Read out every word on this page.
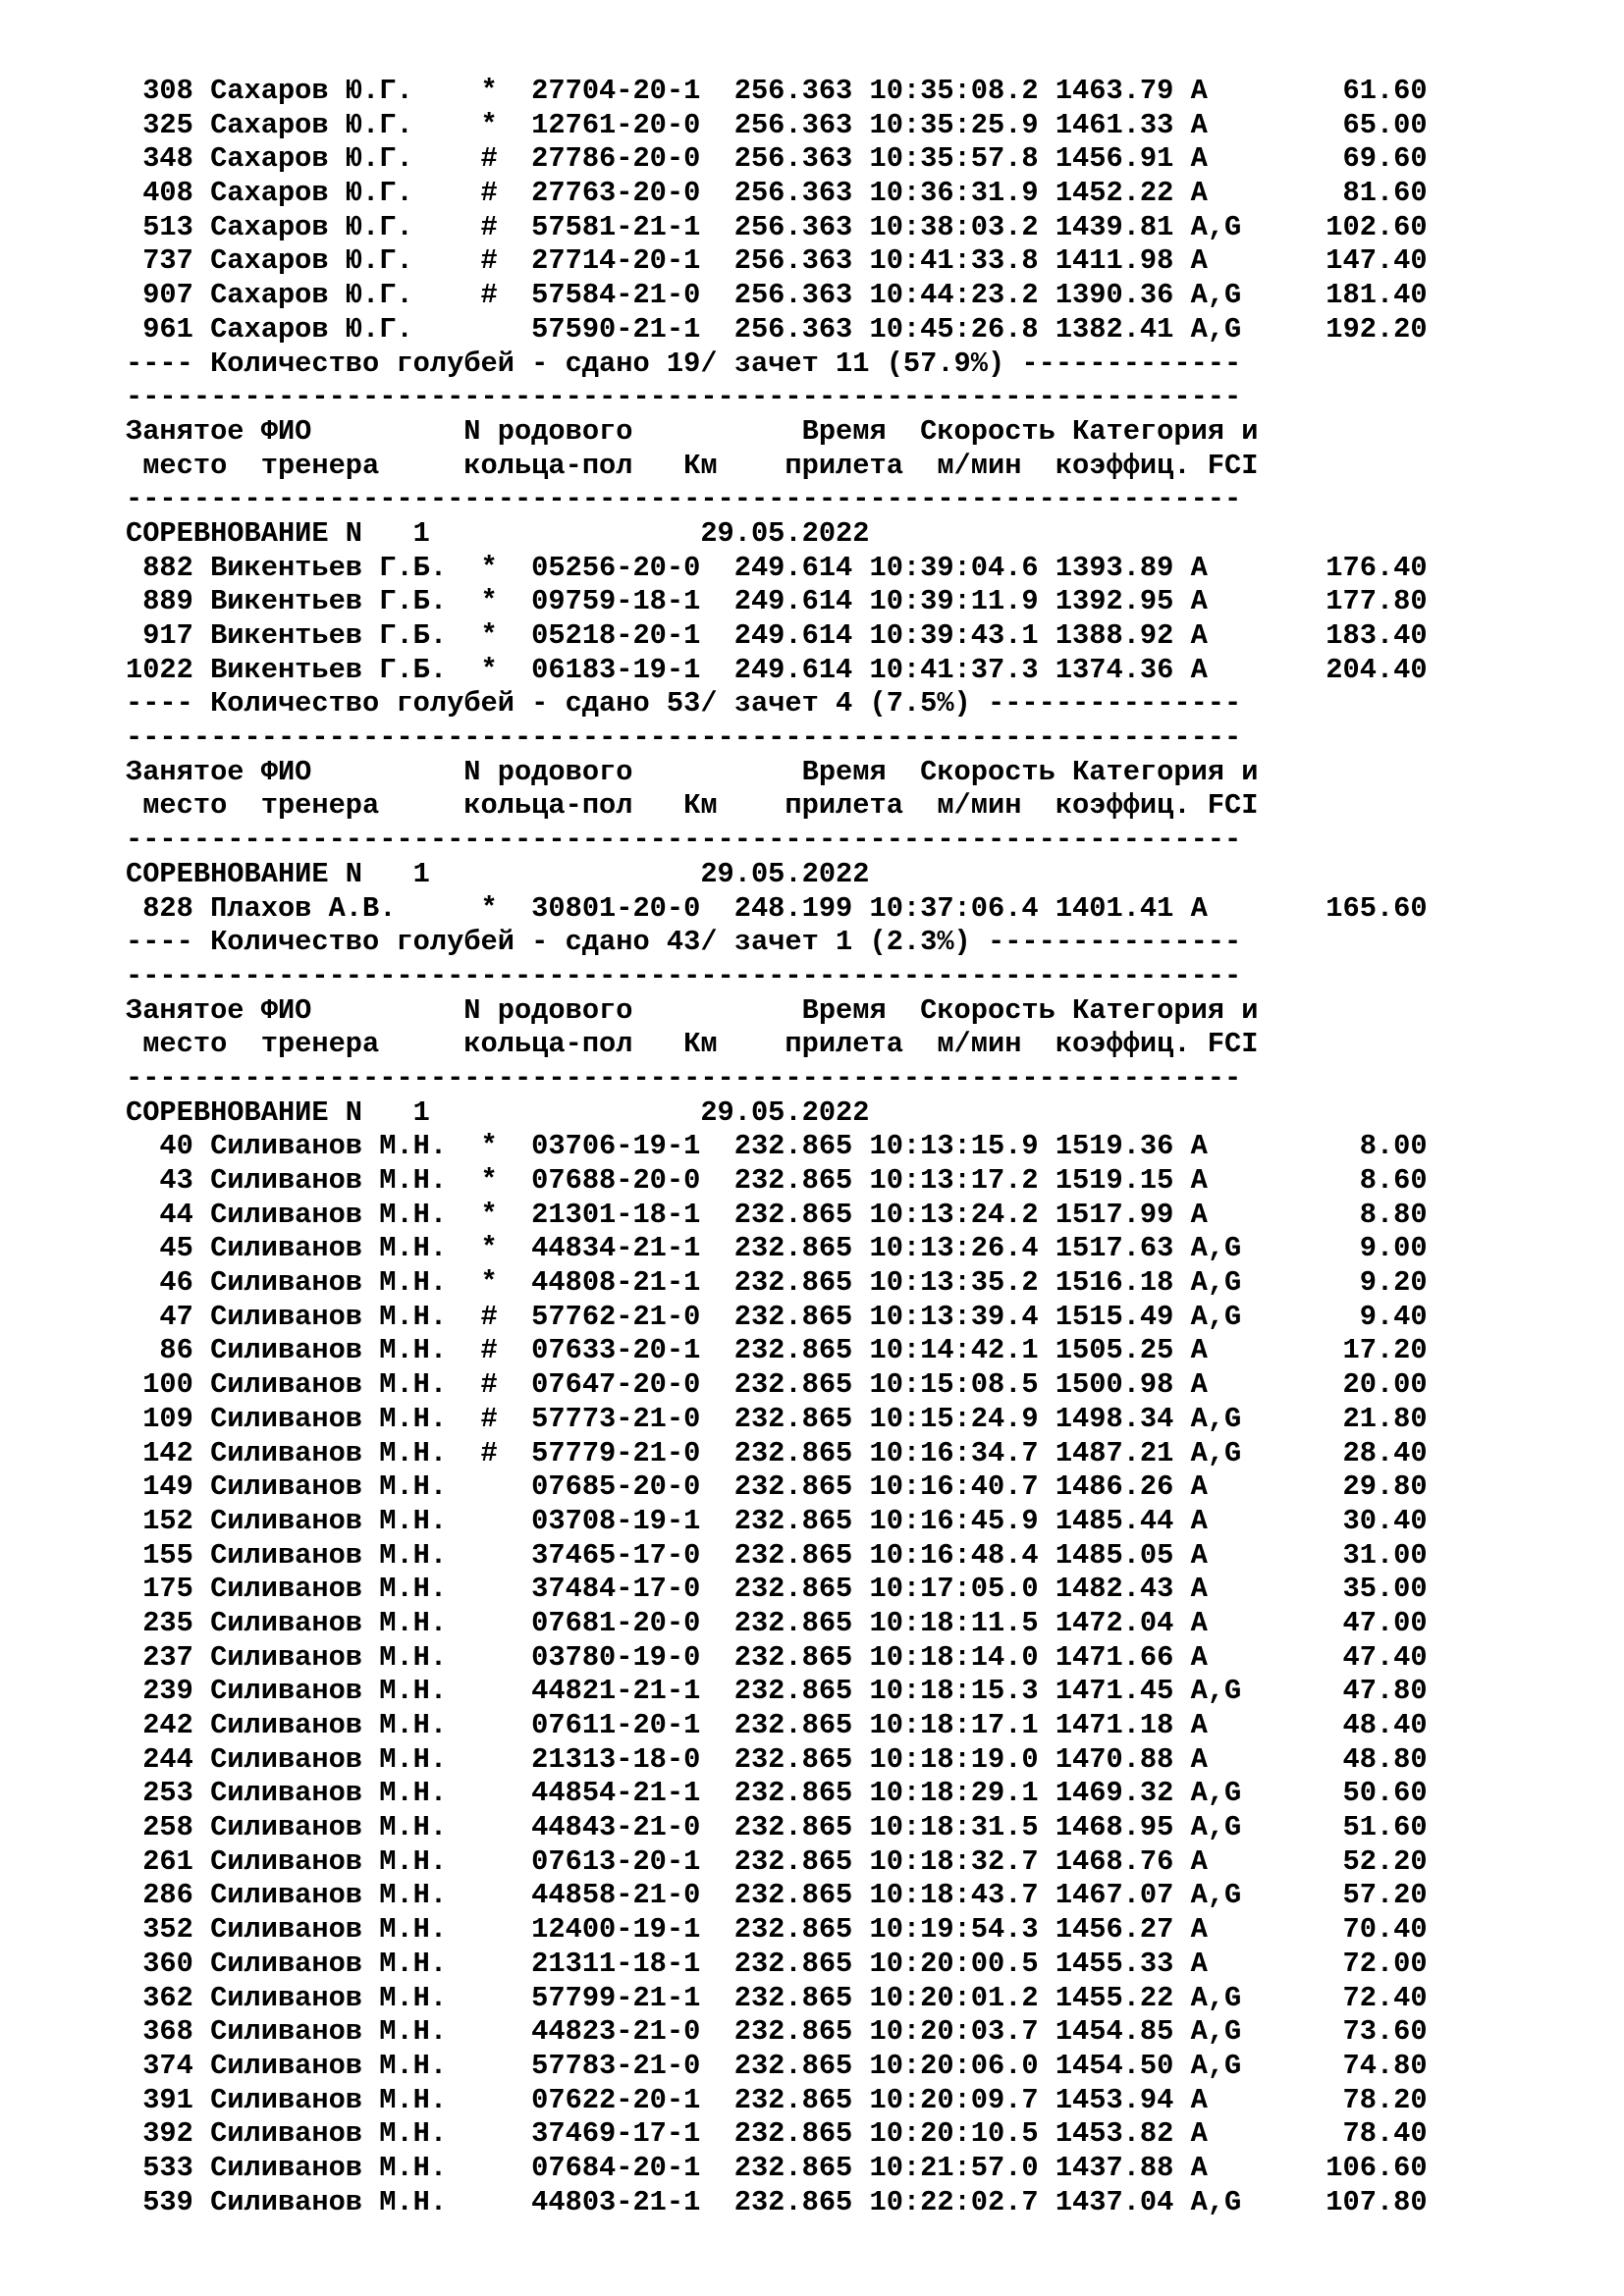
308 Сахаров Ю.Г.    *  27704-20-1  256.363 10:35:08.2 1463.79 A        61.60
325 Сахаров Ю.Г.    *  12761-20-0  256.363 10:35:25.9 1461.33 A        65.00
348 Сахаров Ю.Г.    #  27786-20-0  256.363 10:35:57.8 1456.91 A        69.60
408 Сахаров Ю.Г.    #  27763-20-0  256.363 10:36:31.9 1452.22 A        81.60
513 Сахаров Ю.Г.    #  57581-21-1  256.363 10:38:03.2 1439.81 A,G     102.60
737 Сахаров Ю.Г.    #  27714-20-1  256.363 10:41:33.8 1411.98 A       147.40
907 Сахаров Ю.Г.    #  57584-21-0  256.363 10:44:23.2 1390.36 A,G     181.40
961 Сахаров Ю.Г.       57590-21-1  256.363 10:45:26.8 1382.41 A,G     192.20
---- Количество голубей - сдано 19/ зачет 11 (57.9%) -------------
------------------------------------------------------------------
Занятое ФИО         N родового          Время  Скорость Категория и
место  тренера     кольца-пол   Км    прилета  м/мин  коэффиц. FCI
------------------------------------------------------------------
СОРЕВНОВАНИЕ N   1                29.05.2022
882 Викентьев Г.Б.  *  05256-20-0  249.614 10:39:04.6 1393.89 A       176.40
889 Викентьев Г.Б.  *  09759-18-1  249.614 10:39:11.9 1392.95 A       177.80
917 Викентьев Г.Б.  *  05218-20-1  249.614 10:39:43.1 1388.92 A       183.40
1022 Викентьев Г.Б.  *  06183-19-1  249.614 10:41:37.3 1374.36 A       204.40
---- Количество голубей - сдано 53/ зачет 4 (7.5%) ---------------
------------------------------------------------------------------
Занятое ФИО         N родового          Время  Скорость Категория и
место  тренера     кольца-пол   Км    прилета  м/мин  коэффиц. FCI
------------------------------------------------------------------
СОРЕВНОВАНИЕ N   1                29.05.2022
828 Плахов А.В.     *  30801-20-0  248.199 10:37:06.4 1401.41 A       165.60
---- Количество голубей - сдано 43/ зачет 1 (2.3%) ---------------
------------------------------------------------------------------
Занятое ФИО         N родового          Время  Скорость Категория и
место  тренера     кольца-пол   Км    прилета  м/мин  коэффиц. FCI
------------------------------------------------------------------
СОРЕВНОВАНИЕ N   1                29.05.2022
40 Силиванов М.Н.  *  03706-19-1  232.865 10:13:15.9 1519.36 A         8.00
43 Силиванов М.Н.  *  07688-20-0  232.865 10:13:17.2 1519.15 A         8.60
44 Силиванов М.Н.  *  21301-18-1  232.865 10:13:24.2 1517.99 A         8.80
45 Силиванов М.Н.  *  44834-21-1  232.865 10:13:26.4 1517.63 A,G       9.00
46 Силиванов М.Н.  *  44808-21-1  232.865 10:13:35.2 1516.18 A,G       9.20
47 Силиванов М.Н.  #  57762-21-0  232.865 10:13:39.4 1515.49 A,G       9.40
86 Силиванов М.Н.  #  07633-20-1  232.865 10:14:42.1 1505.25 A        17.20
100 Силиванов М.Н.  #  07647-20-0  232.865 10:15:08.5 1500.98 A        20.00
109 Силиванов М.Н.  #  57773-21-0  232.865 10:15:24.9 1498.34 A,G      21.80
142 Силиванов М.Н.  #  57779-21-0  232.865 10:16:34.7 1487.21 A,G      28.40
149 Силиванов М.Н.     07685-20-0  232.865 10:16:40.7 1486.26 A        29.80
152 Силиванов М.Н.     03708-19-1  232.865 10:16:45.9 1485.44 A        30.40
155 Силиванов М.Н.     37465-17-0  232.865 10:16:48.4 1485.05 A        31.00
175 Силиванов М.Н.     37484-17-0  232.865 10:17:05.0 1482.43 A        35.00
235 Силиванов М.Н.     07681-20-0  232.865 10:18:11.5 1472.04 A        47.00
237 Силиванов М.Н.     03780-19-0  232.865 10:18:14.0 1471.66 A        47.40
239 Силиванов М.Н.     44821-21-1  232.865 10:18:15.3 1471.45 A,G      47.80
242 Силиванов М.Н.     07611-20-1  232.865 10:18:17.1 1471.18 A        48.40
244 Силиванов М.Н.     21313-18-0  232.865 10:18:19.0 1470.88 A        48.80
253 Силиванов М.Н.     44854-21-1  232.865 10:18:29.1 1469.32 A,G      50.60
258 Силиванов М.Н.     44843-21-0  232.865 10:18:31.5 1468.95 A,G      51.60
261 Силиванов М.Н.     07613-20-1  232.865 10:18:32.7 1468.76 A        52.20
286 Силиванов М.Н.     44858-21-0  232.865 10:18:43.7 1467.07 A,G      57.20
352 Силиванов М.Н.     12400-19-1  232.865 10:19:54.3 1456.27 A        70.40
360 Силиванов М.Н.     21311-18-1  232.865 10:20:00.5 1455.33 A        72.00
362 Силиванов М.Н.     57799-21-1  232.865 10:20:01.2 1455.22 A,G      72.40
368 Силиванов М.Н.     44823-21-0  232.865 10:20:03.7 1454.85 A,G      73.60
374 Силиванов М.Н.     57783-21-0  232.865 10:20:06.0 1454.50 A,G      74.80
391 Силиванов М.Н.     07622-20-1  232.865 10:20:09.7 1453.94 A        78.20
392 Силиванов М.Н.     37469-17-1  232.865 10:20:10.5 1453.82 A        78.40
533 Силиванов М.Н.     07684-20-1  232.865 10:21:57.0 1437.88 A       106.60
539 Силиванов М.Н.     44803-21-1  232.865 10:22:02.7 1437.04 A,G     107.80
